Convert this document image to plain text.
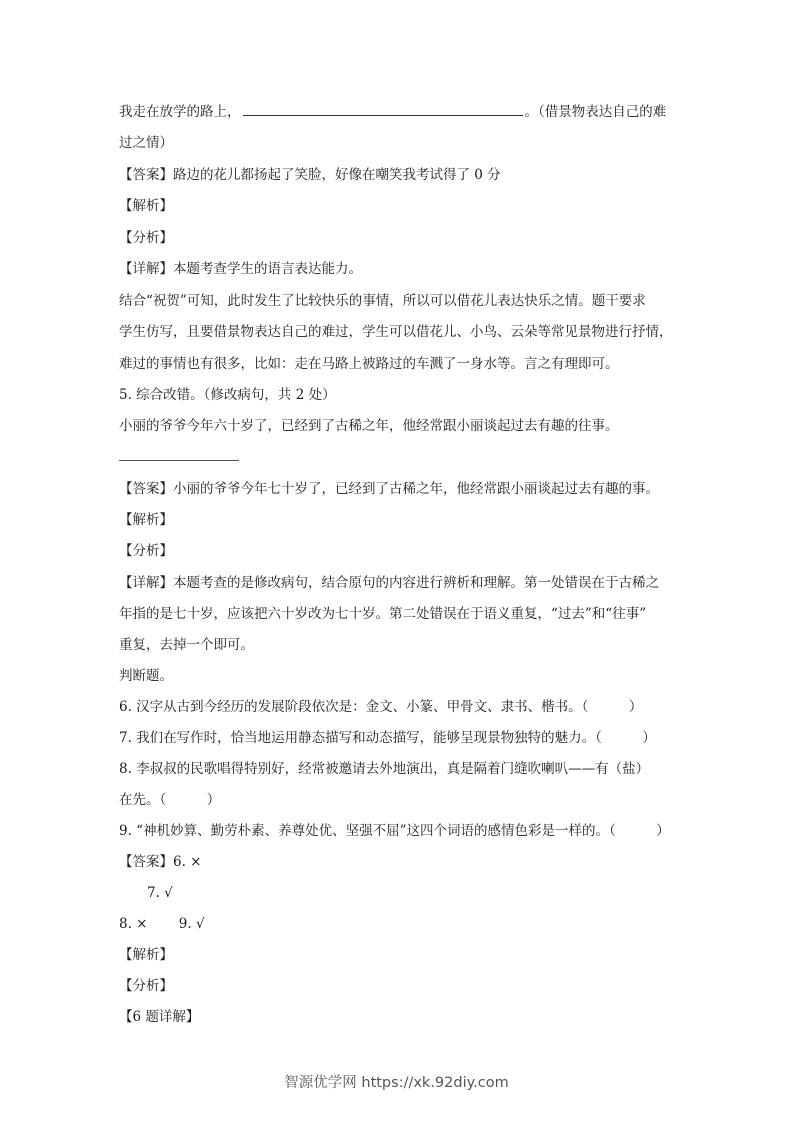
我走在放学的路上，	。（借景物表达自己的难
过之情）
【答案】路边的花儿都扬起了笑脸，好像在嘲笑我考试得了 0 分
【解析】
【分析】
【详解】本题考查学生的语言表达能力。
结合“祝贺”可知，此时发生了比较快乐的事情，所以可以借花儿表达快乐之情。题干要求
学生仿写，且要借景物表达自己的难过，学生可以借花儿、小鸟、云朵等常见景物进行抒情，
难过的事情也有很多，比如：走在马路上被路过的车溅了一身水等。言之有理即可。
5. 综合改错。（修改病句，共 2 处）
小丽的爷爷今年六十岁了，已经到了古稀之年，他经常跟小丽谈起过去有趣的往事。
【答案】小丽的爷爷今年七十岁了，已经到了古稀之年，他经常跟小丽谈起过去有趣的事。
【解析】
【分析】
【详解】本题考查的是修改病句，结合原句的内容进行辨析和理解。第一处错误在于古稀之
年指的是七十岁，应该把六十岁改为七十岁。第二处错误在于语义重复，“过去”和“往事”
重复，去掉一个即可。
判断题。
6. 汉字从古到今经历的发展阶段依次是：金文、小篆、甲骨文、隶书、楷书。（　　　）
7. 我们在写作时，恰当地运用静态描写和动态描写，能够呈现景物独特的魅力。（　　　）
8. 李叔叔的民歌唱得特别好，经常被邀请去外地演出，真是隔着门缝吹喇叭——有（盐）
在先。（　　　）
9. “神机妙算、勤劳朴素、养尊处优、坚强不屈”这四个词语的感情色彩是一样的。（　　　）
【答案】6. ×
7. √
8. ×　　 9. √
【解析】
【分析】
【6 题详解】
智源优学网 https://xk.92diy.com
